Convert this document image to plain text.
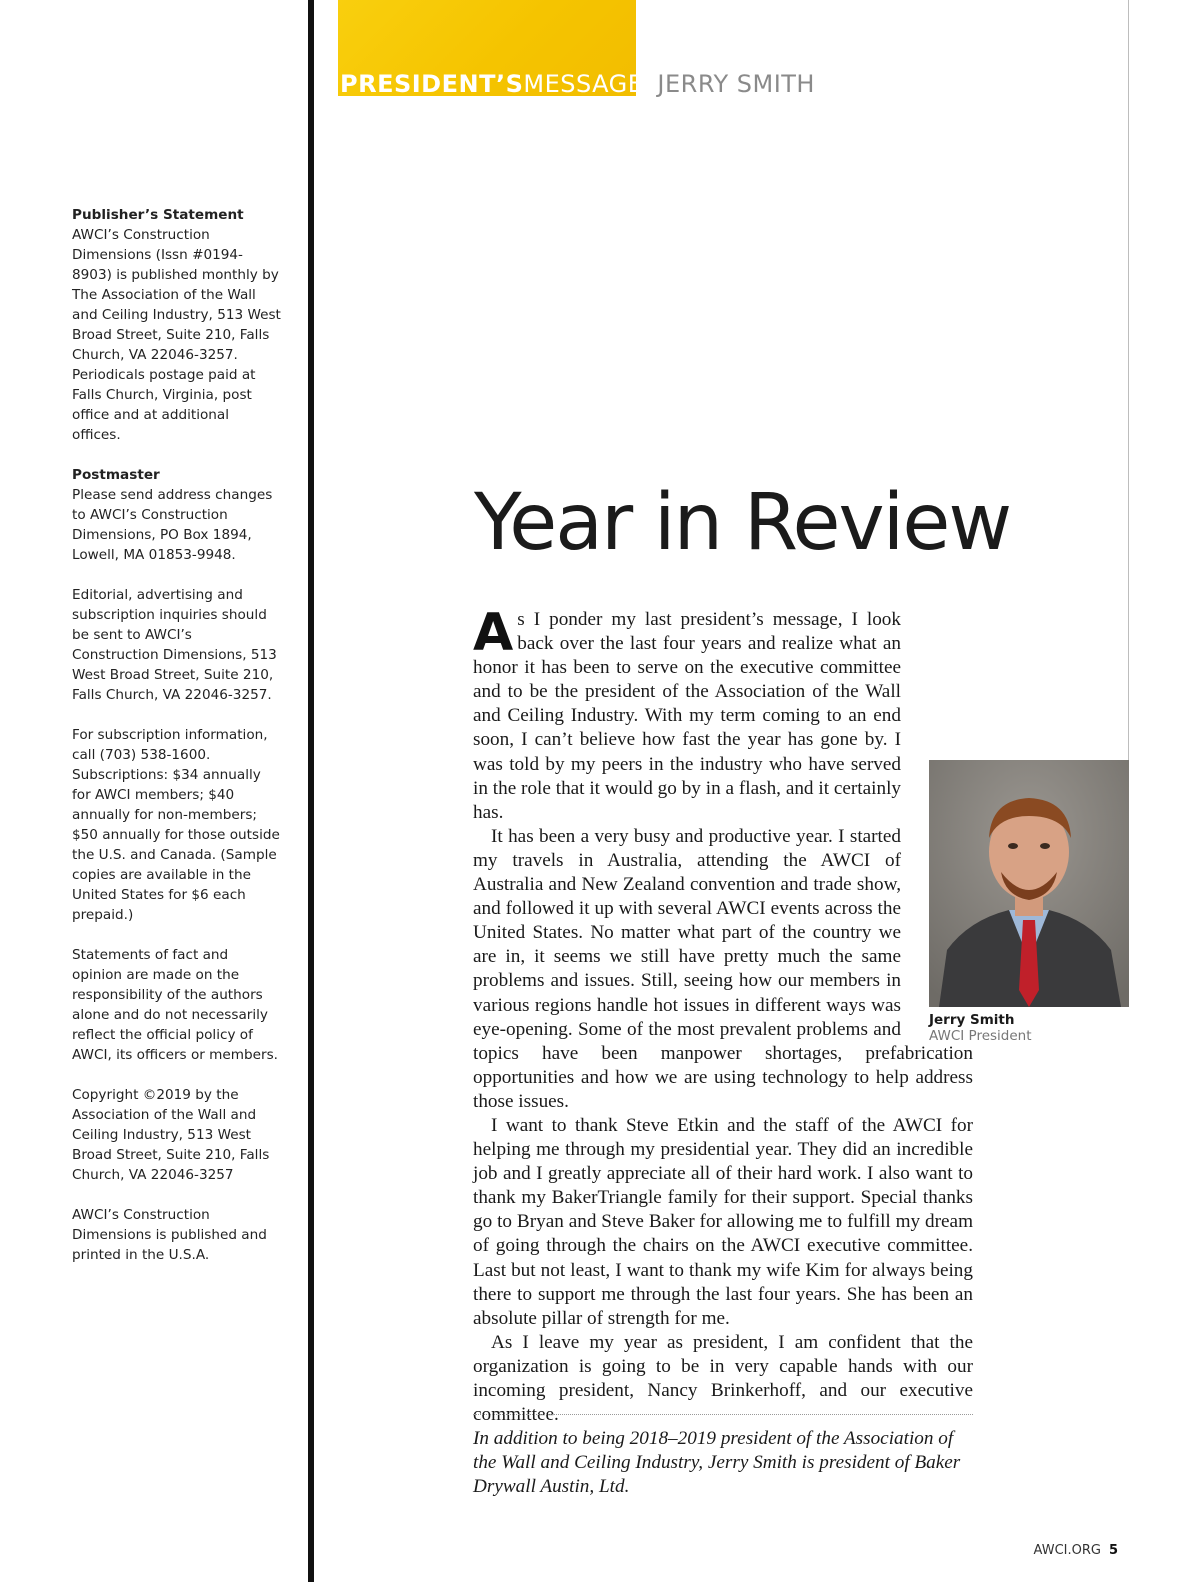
Publisher’s Statement
AWCI’s Construction Dimensions (Issn #0194-8903) is published monthly by The Association of the Wall and Ceiling Industry, 513 West Broad Street, Suite 210, Falls Church, VA 22046-3257. Periodicals postage paid at Falls Church, Virginia, post office and at additional offices.
Postmaster
Please send address changes to AWCI’s Construction Dimensions, PO Box 1894, Lowell, MA 01853-9948.
Editorial, advertising and subscription inquiries should be sent to AWCI’s Construction Dimensions, 513 West Broad Street, Suite 210, Falls Church, VA 22046-3257.
For subscription information, call (703) 538-1600. Subscriptions: $34 annually for AWCI members; $40 annually for non-members; $50 annually for those outside the U.S. and Canada. (Sample copies are available in the United States for $6 each prepaid.)
Statements of fact and opinion are made on the responsibility of the authors alone and do not necessarily reflect the official policy of AWCI, its officers or members.
Copyright ©2019 by the Association of the Wall and Ceiling Industry, 513 West Broad Street, Suite 210, Falls Church, VA 22046-3257
AWCI’s Construction Dimensions is published and printed in the U.S.A.
PRESIDENT’SMESSAGE JERRY SMITH
Year in Review

As I ponder my last president’s message, I look back over the last four years and realize what an honor it has been to serve on the executive committee and to be the president of the Association of the Wall and Ceiling Industry. With my term coming to an end soon, I can’t believe how fast the year has gone by. I was told by my peers in the industry who have served in the role that it would go by in a flash, and it certainly has.

It has been a very busy and productive year. I started my travels in Australia, attending the AWCI of Australia and New Zealand convention and trade show, and followed it up with several AWCI events across the United States. No matter what part of the country we are in, it seems we still have pretty much the same problems and issues. Still, seeing how our members in various regions handle hot issues in different ways was eye-opening. Some of the most prevalent problems and topics have been manpower shortages, prefabrication opportunities and how we are using technology to help address those issues.

I want to thank Steve Etkin and the staff of the AWCI for helping me through my presidential year. They did an incredible job and I greatly appreciate all of their hard work. I also want to thank my BakerTriangle family for their support. Special thanks go to Bryan and Steve Baker for allowing me to fulfill my dream of going through the chairs on the AWCI executive committee. Last but not least, I want to thank my wife Kim for always being there to support me through the last four years. She has been an absolute pillar of strength for me.

As I leave my year as president, I am confident that the organization is going to be in very capable hands with our incoming president, Nancy Brinkerhoff, and our executive committee.

Jerry Smith
AWCI President

In addition to being 2018–2019 president of the Association of the Wall and Ceiling Industry, Jerry Smith is president of Baker Drywall Austin, Ltd.

AWCI.ORG 5
